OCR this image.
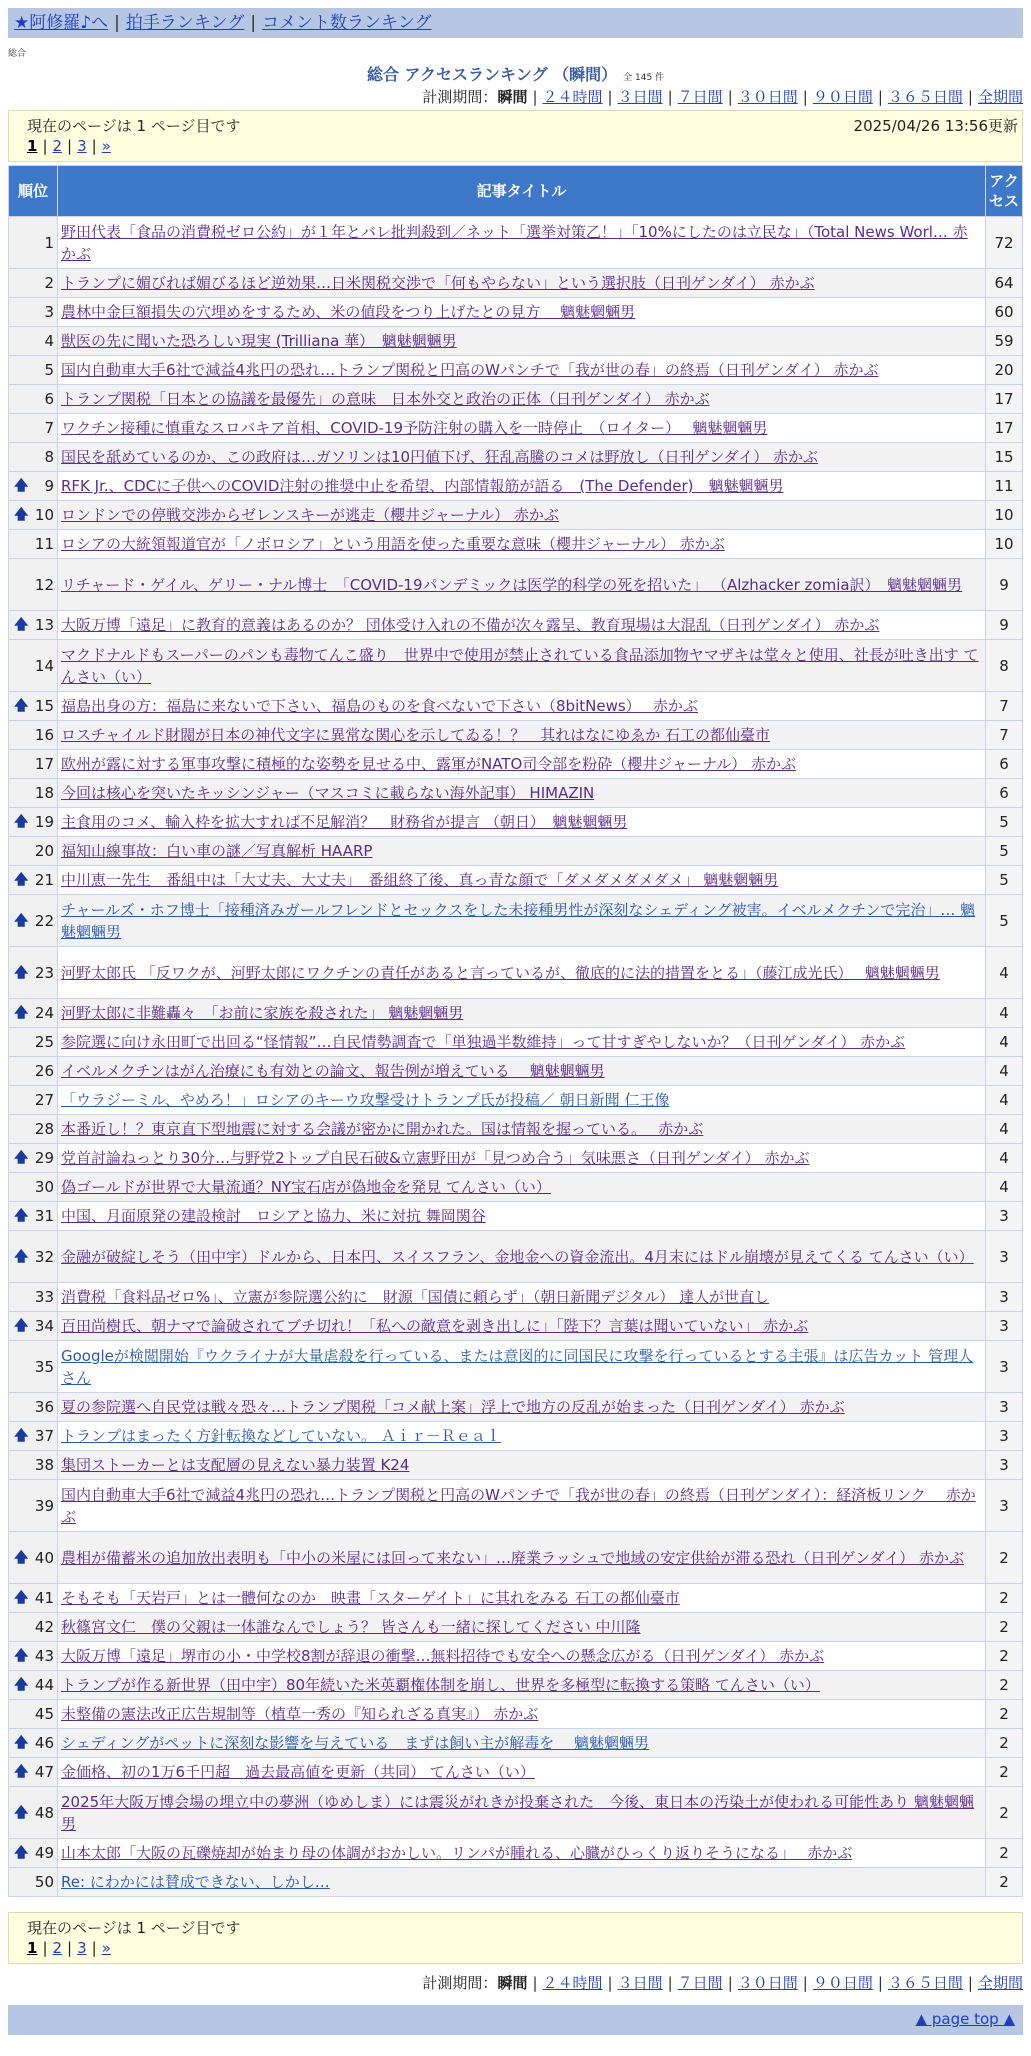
★阿修羅♪へ | 拍手ランキング | コメント数ランキング
総合
総合 アクセスランキング （瞬間） 全 145 件
計測期間：瞬間 | ２４時間 | ３日間 | ７日間 | ３０日間 | ９０日間 | ３６５日間 | 全期間
現在のページは 1 ページ目です	2025/04/26 13:56更新
1 | 2 | 3 | »
順位	記事タイトル	アクセス
1	野田代表「食品の消費税ゼロ公約」が１年とバレ批判殺到／ネット「選挙対策乙！」「10%にしたのは立民な」（Total News Worl… 赤かぶ	72
2	トランプに媚びれば媚びるほど逆効果…日米関税交渉で「何もやらない」という選択肢（日刊ゲンダイ） 赤かぶ	64
3	農林中金巨額損失の穴埋めをするため、米の値段をつり上げたとの見方　 魑魅魍魎男	60
4	獣医の先に聞いた恐ろしい現実 (Trilliana 華）　魑魅魍魎男	59
5	国内自動車大手6社で減益4兆円の恐れ…トランプ関税と円高のWパンチで「我が世の春」の終焉（日刊ゲンダイ） 赤かぶ	20
6	トランプ関税「日本との協議を最優先」の意味　日本外交と政治の正体（日刊ゲンダイ） 赤かぶ	17
7	ワクチン接種に慎重なスロバキア首相、COVID-19予防注射の購入を一時停止　（ロイター）　 魑魅魍魎男	17
8	国民を舐めているのか、この政府は…ガソリンは10円値下げ、狂乱高騰のコメは野放し（日刊ゲンダイ） 赤かぶ	15

🡅 9	RFK Jr.、CDCに子供へのCOVID注射の推奨中止を希望、内部情報筋が語る　(The Defender)　魑魅魍魎男	11

🡅 10	ロンドンでの停戦交渉からゼレンスキーが逃走（櫻井ジャーナル） 赤かぶ	10
11	ロシアの大統領報道官が「ノボロシア」という用語を使った重要な意味（櫻井ジャーナル） 赤かぶ	10
12	リチャード・ゲイル、ゲリー・ナル博士　「COVID-19パンデミックは医学的科学の死を招いた」 （Alzhacker zomia訳）　魑魅魍魎男	9

🡅 13	大阪万博「遠足」に教育的意義はあるのか？ 団体受け入れの不備が次々露呈、教育現場は大混乱（日刊ゲンダイ） 赤かぶ	9
14	マクドナルドもスーパーのパンも毒物てんこ盛り　世界中で使用が禁止されている食品添加物ヤマザキは堂々と使用、社長が吐き出す てんさい（い）	8

🡅 15	福島出身の方：福島に来ないで下さい、福島のものを食べないで下さい（8bitNews）　 赤かぶ	7
16	ロスチャイルド財閥が日本の神代文字に異常な関心を示してゐる！？　其れはなにゆゑか 石工の都仙臺市	7
17	欧州が露に対する軍事攻撃に積極的な姿勢を見せる中、露軍がNATO司令部を粉砕（櫻井ジャーナル） 赤かぶ	6
18	今回は核心を突いたキッシンジャー（マスコミに載らない海外記事） HIMAZIN	6

🡅 19	主食用のコメ、輸入枠を拡大すれば不足解消？　財務省が提言 （朝日）　魑魅魍魎男	5
20	福知山線事故：白い車の謎／写真解析 HAARP	5

🡅 21	中川恵一先生　番組中は「大丈夫、大丈夫」　番組終了後、真っ青な顔で「ダメダメダメダメ」 魑魅魍魎男	5

🡅 22	チャールズ・ホフ博士「接種済みガールフレンドとセックスをした未接種男性が深刻なシェディング被害。イベルメクチンで完治」… 魑魅魍魎男	5

🡅 23	河野太郎氏 「反ワクが、河野太郎にワクチンの責任があると言っているが、徹底的に法的措置をとる」（藤江成光氏）　 魑魅魍魎男	4

🡅 24	河野太郎に非難轟々　「お前に家族を殺された」 魑魅魍魎男	4
25	参院選に向け永田町で出回る“怪情報”…自民情勢調査で「単独過半数維持」って甘すぎやしないか？（日刊ゲンダイ） 赤かぶ	4
26	イベルメクチンはがん治療にも有効との論文、報告例が増えている　 魑魅魍魎男	4
27	「ウラジーミル、やめろ！」ロシアのキーウ攻撃受けトランプ氏が投稿／ 朝日新聞 仁王像	4
28	本番近し！？東京直下型地震に対する会議が密かに開かれた。国は情報を握っている。　 赤かぶ	4

🡅 29	党首討論ねっとり30分…与野党2トップ自民石破&立憲野田が「見つめ合う」気味悪さ（日刊ゲンダイ） 赤かぶ	4
30	偽ゴールドが世界で大量流通？NY宝石店が偽地金を発見 てんさい（い）	4

🡅 31	中国、月面原発の建設検討　ロシアと協力、米に対抗 舞岡関谷	3

🡅 32	金融が破綻しそう（田中宇）ドルから、日本円、スイスフラン、金地金への資金流出。4月末にはドル崩壊が見えてくる てんさい（い）	3
33	消費税「食料品ゼロ%」、立憲が参院選公約に　財源「国債に頼らず」（朝日新聞デジタル） 達人が世直し	3

🡅 34	百田尚樹氏、朝ナマで論破されてブチ切れ！「私への敵意を剥き出しに」「陛下？言葉は聞いていない」 赤かぶ	3
35	Googleが検閲開始『ウクライナが大量虐殺を行っている、または意図的に同国民に攻撃を行っているとする主張』は広告カット 管理人さん	3
36	夏の参院選へ自民党は戦々恐々…トランプ関税「コメ献上案」浮上で地方の反乱が始まった（日刊ゲンダイ） 赤かぶ	3

🡅 37	トランプはまったく方針転換などしていない。 Ａｉｒ－Ｒｅａｌ	3
38	集団ストーカーとは支配層の見えない暴力装置 K24	3
39	国内自動車大手6社で減益4兆円の恐れ…トランプ関税と円高のWパンチで「我が世の春」の終焉（日刊ゲンダイ）：経済板リンク　 赤かぶ	3

🡅 40	農相が備蓄米の追加放出表明も「中小の米屋には回って来ない」…廃業ラッシュで地域の安定供給が滞る恐れ（日刊ゲンダイ） 赤かぶ	2

🡅 41	そもそも「天岩戸」とは一體何なのか　映畫「スターゲイト」に其れをみる 石工の都仙臺市	2
42	秋篠宮文仁　僕の父親は一体誰なんでしょう？ 皆さんも一緒に探してください 中川隆	2

🡅 43	大阪万博「遠足」堺市の小・中学校8割が辞退の衝撃…無料招待でも安全への懸念広がる（日刊ゲンダイ） 赤かぶ	2

🡅 44	トランプが作る新世界（田中宇）80年続いた米英覇権体制を崩し、世界を多極型に転換する策略 てんさい（い）	2
45	未整備の憲法改正広告規制等（植草一秀の『知られざる真実』） 赤かぶ	2

🡅 46	シェディングがペットに深刻な影響を与えている　まずは飼い主が解毒を　 魑魅魍魎男	2

🡅 47	金価格、初の1万6千円超　過去最高値を更新（共同） てんさい（い）	2

🡅 48	2025年大阪万博会場の埋立中の夢洲（ゆめしま）には震災がれきが投棄された　今後、東日本の汚染土が使われる可能性あり 魑魅魍魎男	2

🡅 49	山本太郎「大阪の瓦礫焼却が始まり母の体調がおかしい。リンパが腫れる、心臓がひっくり返りそうになる」　 赤かぶ	2
50	Re: にわかには賛成できない、しかし…	2
現在のページは 1 ページ目です
1 | 2 | 3 | »
計測期間：瞬間 | ２４時間 | ３日間 | ７日間 | ３０日間 | ９０日間 | ３６５日間 | 全期間
▲ page top ▲
